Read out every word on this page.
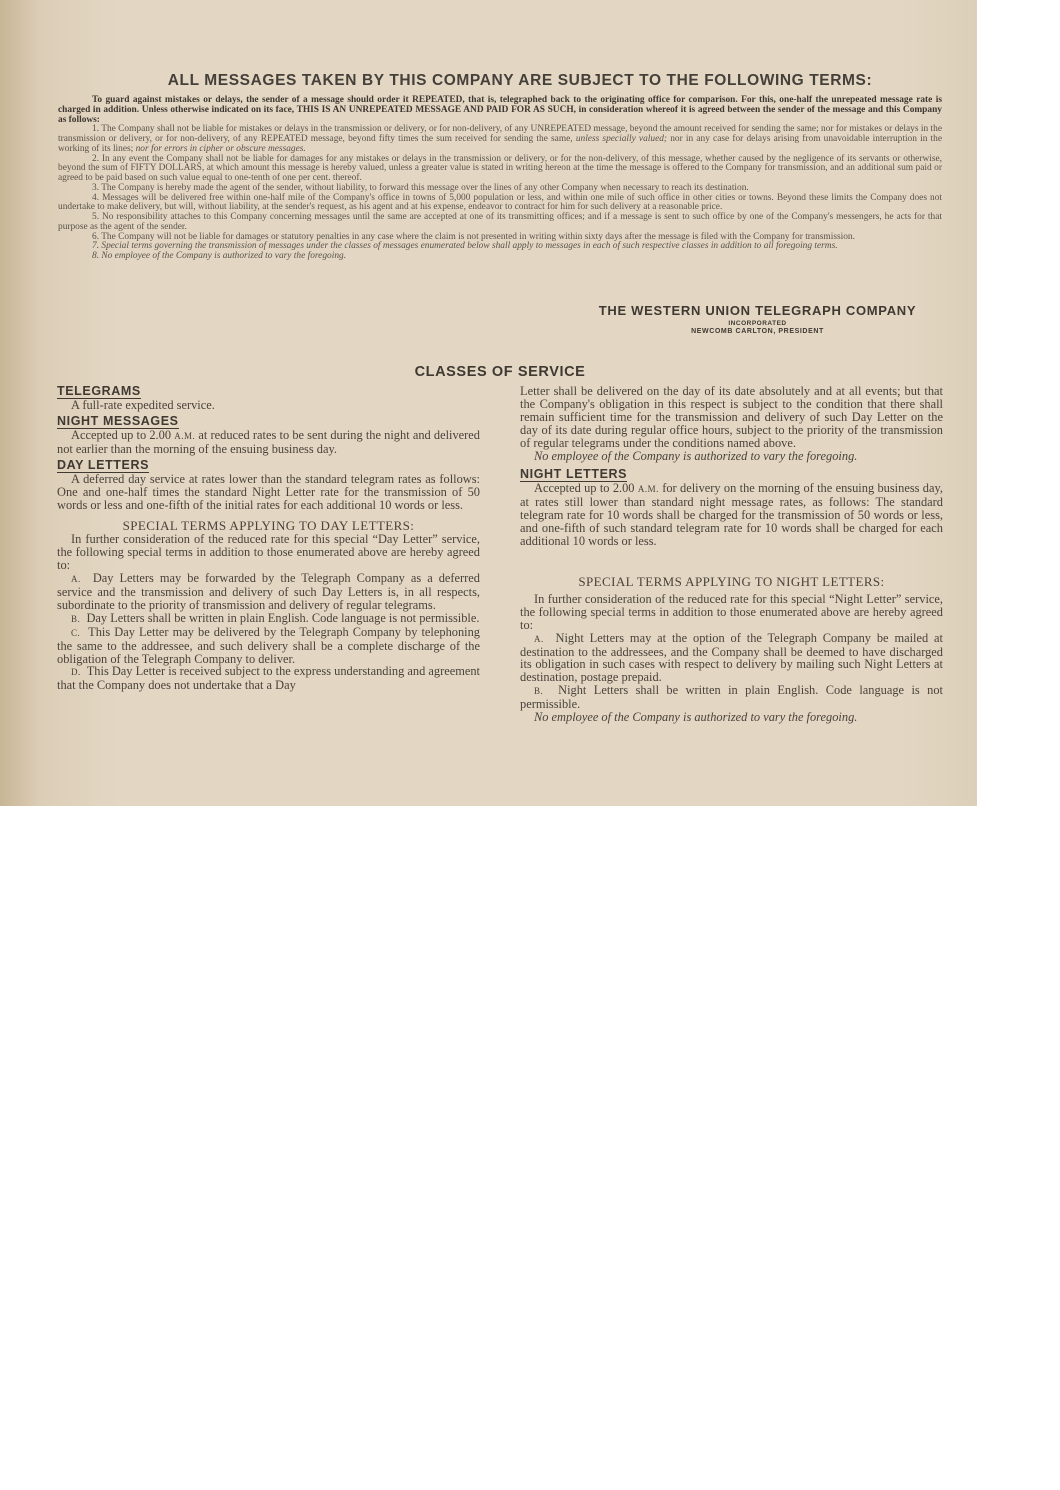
ALL MESSAGES TAKEN BY THIS COMPANY ARE SUBJECT TO THE FOLLOWING TERMS:

To guard against mistakes or delays, the sender of a message should order it REPEATED, that is, telegraphed back to the originating office for comparison. For this, one-half the unrepeated message rate is charged in addition. Unless otherwise indicated on its face, THIS IS AN UNREPEATED MESSAGE AND PAID FOR AS SUCH, in consideration whereof it is agreed between the sender of the message and this Company as follows:

1. The Company shall not be liable for mistakes or delays in the transmission or delivery, or for non-delivery, of any UNREPEATED message, beyond the amount received for sending the same; nor for mistakes or delays in the transmission or delivery, or for non-delivery, of any REPEATED message, beyond fifty times the sum received for sending the same, unless specially valued; nor in any case for delays arising from unavoidable interruption in the working of its lines; nor for errors in cipher or obscure messages.

2. In any event the Company shall not be liable for damages for any mistakes or delays in the transmission or delivery, or for the non-delivery, of this message, whether caused by the negligence of its servants or otherwise, beyond the sum of FIFTY DOLLARS, at which amount this message is hereby valued, unless a greater value is stated in writing hereon at the time the message is offered to the Company for transmission, and an additional sum paid or agreed to be paid based on such value equal to one-tenth of one per cent. thereof.

3. The Company is hereby made the agent of the sender, without liability, to forward this message over the lines of any other Company when necessary to reach its destination.

4. Messages will be delivered free within one-half mile of the Company's office in towns of 5,000 population or less, and within one mile of such office in other cities or towns. Beyond these limits the Company does not undertake to make delivery, but will, without liability, at the sender's request, as his agent and at his expense, endeavor to contract for him for such delivery at a reasonable price.

5. No responsibility attaches to this Company concerning messages until the same are accepted at one of its transmitting offices; and if a message is sent to such office by one of the Company's messengers, he acts for that purpose as the agent of the sender.

6. The Company will not be liable for damages or statutory penalties in any case where the claim is not presented in writing within sixty days after the message is filed with the Company for transmission.

7. Special terms governing the transmission of messages under the classes of messages enumerated below shall apply to messages in each of such respective classes in addition to all foregoing terms.

8. No employee of the Company is authorized to vary the foregoing.

THE WESTERN UNION TELEGRAPH COMPANY
INCORPORATED
NEWCOMB CARLTON, PRESIDENT
CLASSES OF SERVICE
TELEGRAMS

A full-rate expedited service.

NIGHT MESSAGES

Accepted up to 2.00 A.M. at reduced rates to be sent during the night and delivered not earlier than the morning of the ensuing business day.

DAY LETTERS

A deferred day service at rates lower than the standard telegram rates as follows: One and one-half times the standard Night Letter rate for the transmission of 50 words or less and one-fifth of the initial rates for each additional 10 words or less.

SPECIAL TERMS APPLYING TO DAY LETTERS:

In further consideration of the reduced rate for this special “Day Letter” service, the following special terms in addition to those enumerated above are hereby agreed to:

A. Day Letters may be forwarded by the Telegraph Company as a deferred service and the transmission and delivery of such Day Letters is, in all respects, subordinate to the priority of transmission and delivery of regular telegrams.

B. Day Letters shall be written in plain English. Code language is not permissible.

C. This Day Letter may be delivered by the Telegraph Company by telephoning the same to the addressee, and such delivery shall be a complete discharge of the obligation of the Telegraph Company to deliver.

D. This Day Letter is received subject to the express understanding and agreement that the Company does not undertake that a Day

Letter shall be delivered on the day of its date absolutely and at all events; but that the Company's obligation in this respect is subject to the condition that there shall remain sufficient time for the transmission and delivery of such Day Letter on the day of its date during regular office hours, subject to the priority of the transmission of regular telegrams under the conditions named above.

No employee of the Company is authorized to vary the foregoing.

NIGHT LETTERS

Accepted up to 2.00 A.M. for delivery on the morning of the ensuing business day, at rates still lower than standard night message rates, as follows: The standard telegram rate for 10 words shall be charged for the transmission of 50 words or less, and one-fifth of such standard telegram rate for 10 words shall be charged for each additional 10 words or less.

SPECIAL TERMS APPLYING TO NIGHT LETTERS:

In further consideration of the reduced rate for this special “Night Letter” service, the following special terms in addition to those enumerated above are hereby agreed to:

A. Night Letters may at the option of the Telegraph Company be mailed at destination to the addressees, and the Company shall be deemed to have discharged its obligation in such cases with respect to delivery by mailing such Night Letters at destination, postage prepaid.

B. Night Letters shall be written in plain English. Code language is not permissible.

No employee of the Company is authorized to vary the foregoing.
